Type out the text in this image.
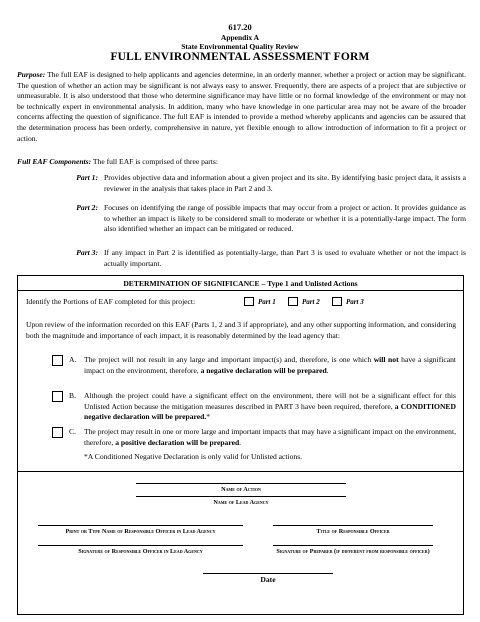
617.20
Appendix A
State Environmental Quality Review
FULL ENVIRONMENTAL ASSESSMENT FORM
Purpose: The full EAF is designed to help applicants and agencies determine, in an orderly manner, whether a project or action may be significant. The question of whether an action may be significant is not always easy to answer. Frequently, there are aspects of a project that are subjective or unmeasurable. It is also understood that those who determine significance may have little or no formal knowledge of the environment or may not be technically expert in environmental analysis. In addition, many who have knowledge in one particular area may not be aware of the broader concerns affecting the question of significance. The full EAF is intended to provide a method whereby applicants and agencies can be assured that the determination process has been orderly, comprehensive in nature, yet flexible enough to allow introduction of information to fit a project or action.
Full EAF Components: The full EAF is comprised of three parts:
Part 1: Provides objective data and information about a given project and its site. By identifying basic project data, it assists a reviewer in the analysis that takes place in Part 2 and 3.
Part 2: Focuses on identifying the range of possible impacts that may occur from a project or action. It provides guidance as to whether an impact is likely to be considered small to moderate or whether it is a potentially-large impact. The form also identified whether an impact can be mitigated or reduced.
Part 3: If any impact in Part 2 is identified as potentially-large, than Part 3 is used to evaluate whether or not the impact is actually important.
DETERMINATION OF SIGNIFICANCE – Type 1 and Unlisted Actions
Identify the Portions of EAF completed for this project:	Part 1	Part 2	Part 3
Upon review of the information recorded on this EAF (Parts 1, 2 and 3 if appropriate), and any other supporting information, and considering both the magnitude and importance of each impact, it is reasonably determined by the lead agency that:
A. The project will not result in any large and important impact(s) and, therefore, is one which will not have a significant impact on the environment, therefore, a negative declaration will be prepared.
B. Although the project could have a significant effect on the environment, there will not be a significant effect for this Unlisted Action because the mitigation measures described in PART 3 have been required, therefore, a CONDITIONED negative declaration will be prepared.*
C. The project may result in one or more large and important impacts that may have a significant impact on the environment, therefore, a positive declaration will be prepared.
*A Conditioned Negative Declaration is only valid for Unlisted actions.
Name of Action
Name of Lead Agency
Print or Type Name of Responsible Officer in Lead Agency	Title of Responsible Officer
Signature of Responsible Officer in Lead Agency	Signature of Preparer (if different from responsible officer)
Date
